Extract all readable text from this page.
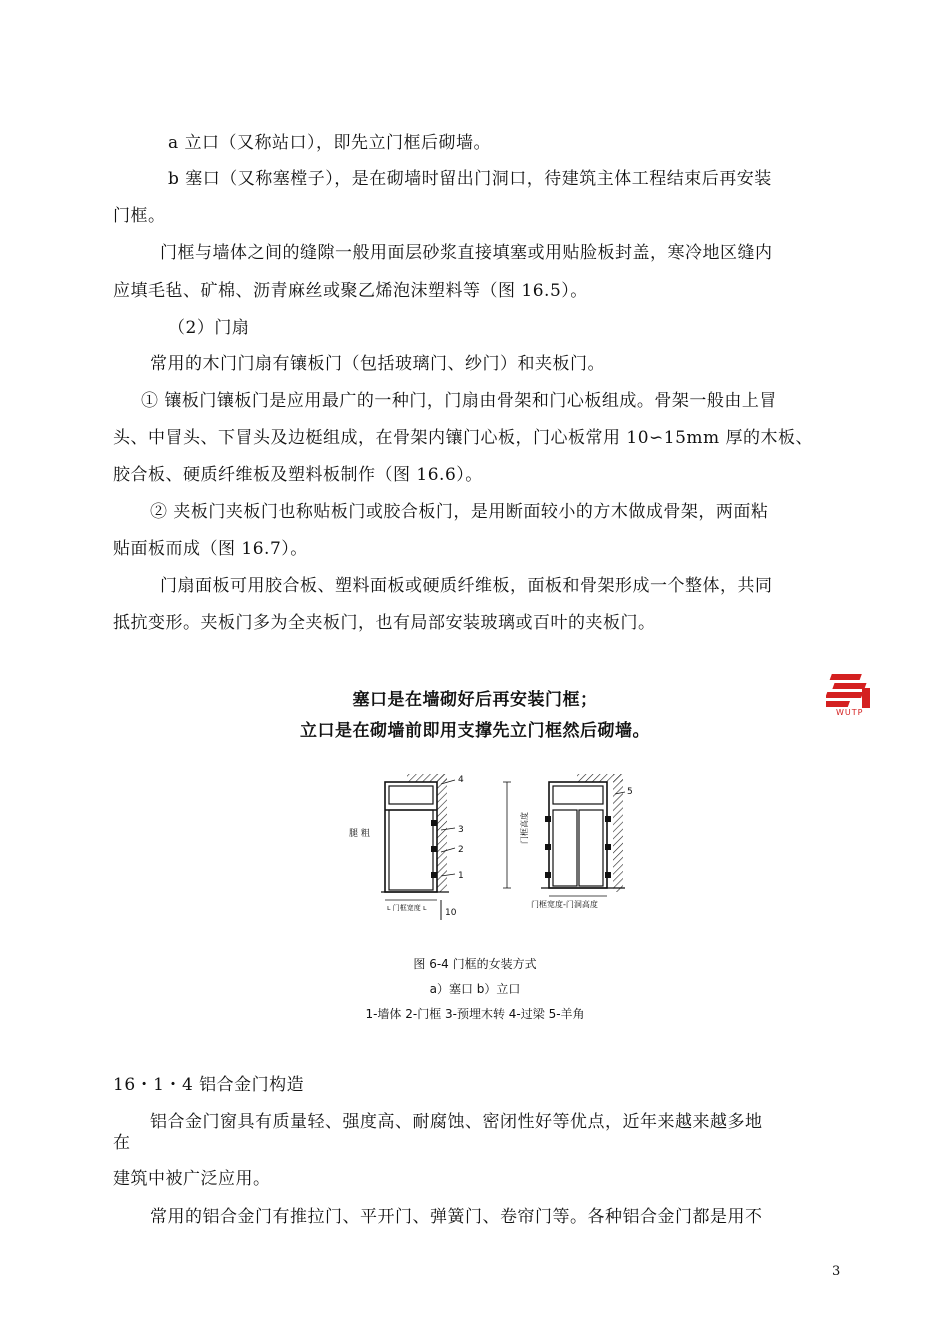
a 立口（又称站口），即先立门框后砌墙。
b 塞口（又称塞樘子），是在砌墙时留出门洞口，待建筑主体工程结束后再安装
门框。
门框与墙体之间的缝隙一般用面层砂浆直接填塞或用贴脸板封盖，寒冷地区缝内
应填毛毡、矿棉、沥青麻丝或聚乙烯泡沫塑料等（图 16.5）。
（2）门扇
常用的木门门扇有镶板门（包括玻璃门、纱门）和夹板门。
① 镶板门镶板门是应用最广的一种门，门扇由骨架和门心板组成。骨架一般由上冒
头、中冒头、下冒头及边梃组成，在骨架内镶门心板，门心板常用 10∽15mm 厚的木板、
胶合板、硬质纤维板及塑料板制作（图 16.6）。
② 夹板门夹板门也称贴板门或胶合板门，是用断面较小的方木做成骨架，两面粘
贴面板而成（图 16.7）。
门扇面板可用胶合板、塑料面板或硬质纤维板，面板和骨架形成一个整体，共同
抵抗变形。夹板门多为全夹板门，也有局部安装玻璃或百叶的夹板门。
WUTP
塞口是在墙砌好后再安装门框；
立口是在砌墙前即用支撑先立门框然后砌墙。
4
3
2
1
腿 粗
ʟ 门框宽度 ʟ 10
门框高度
5
门框宽度-门洞高度
图 6-4 门框的女装方式
a）塞口 b）立口
1-墙体 2-门框 3-预埋木转 4-过梁 5-羊角
16・1・4 铝合金门构造
铝合金门窗具有质量轻、强度高、耐腐蚀、密闭性好等优点，近年来越来越多地
在
建筑中被广泛应用。
常用的铝合金门有推拉门、平开门、弹簧门、卷帘门等。各种铝合金门都是用不
3
